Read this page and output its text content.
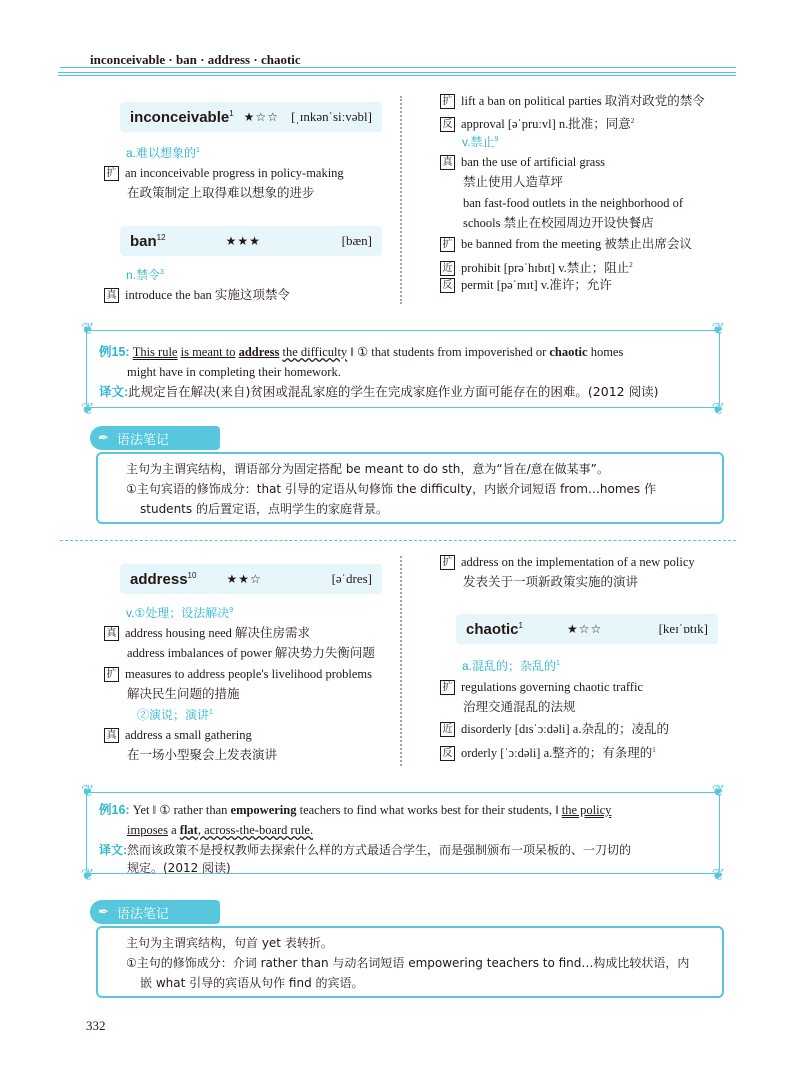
inconceivable · ban · address · chaotic
inconceivable$^1$ ★☆☆ [ˌɪnkənˈsiːvəbl]
a.难以想象的$^1$
扩 an inconceivable progress in policy-making
在政策制定上取得难以想象的进步
ban$^{12}$	★★★	[bæn]
n.禁令$^3$
真 introduce the ban 实施这项禁令
扩 lift a ban on political parties 取消对政党的禁令
反 approval [əˈpruːvl] n.批准；同意$^2$
v.禁止$^9$
真 ban the use of artificial grass
禁止使用人造草坪
ban fast-food outlets in the neighborhood of
schools 禁止在校园周边开设快餐店
扩 be banned from the meeting 被禁止出席会议
近 prohibit [prəˈhɪbɪt] v.禁止；阻止$^2$
反 permit [pəˈmɪt] v.准许；允许
❦	❦
❦	❦
例15: This rule is meant to address the difficulty ‖ ① that students from impoverished or chaotic homes
might have in completing their homework.
译文:此规定旨在解决(来自)贫困或混乱家庭的学生在完成家庭作业方面可能存在的困难。(2012 阅读)
✒ 语法笔记
主句为主谓宾结构，谓语部分为固定搭配 be meant to do sth，意为“旨在/意在做某事”。
①主句宾语的修饰成分：that 引导的定语从句修饰 the difficulty，内嵌介词短语 from…homes 作
students 的后置定语，点明学生的家庭背景。
address$^{10}$	★★☆	[əˈdres]
v.①处理；设法解决$^9$
真 address housing need 解决住房需求
address imbalances of power 解决势力失衡问题
扩 measures to address people's livelihood problems
解决民生问题的措施
②演说；演讲$^1$
真 address a small gathering
在一场小型聚会上发表演讲
扩 address on the implementation of a new policy
发表关于一项新政策实施的演讲
chaotic$^1$	★☆☆	[keɪˈɒtɪk]
a.混乱的；杂乱的$^1$
扩 regulations governing chaotic traffic
治理交通混乱的法规
近 disorderly [dɪsˈɔːdəli] a.杂乱的；凌乱的
反 orderly [ˈɔːdəli] a.整齐的；有条理的$^1$
❦	❦
❦	❦
例16: Yet ‖ ① rather than empowering teachers to find what works best for their students, ‖ the policy
imposes a flat, across-the-board rule.
译文:然而该政策不是授权教师去探索什么样的方式最适合学生，而是强制颁布一项呆板的、一刀切的
规定。(2012 阅读)
✒ 语法笔记
主句为主谓宾结构，句首 yet 表转折。
①主句的修饰成分：介词 rather than 与动名词短语 empowering teachers to find…构成比较状语，内
嵌 what 引导的宾语从句作 find 的宾语。
332
